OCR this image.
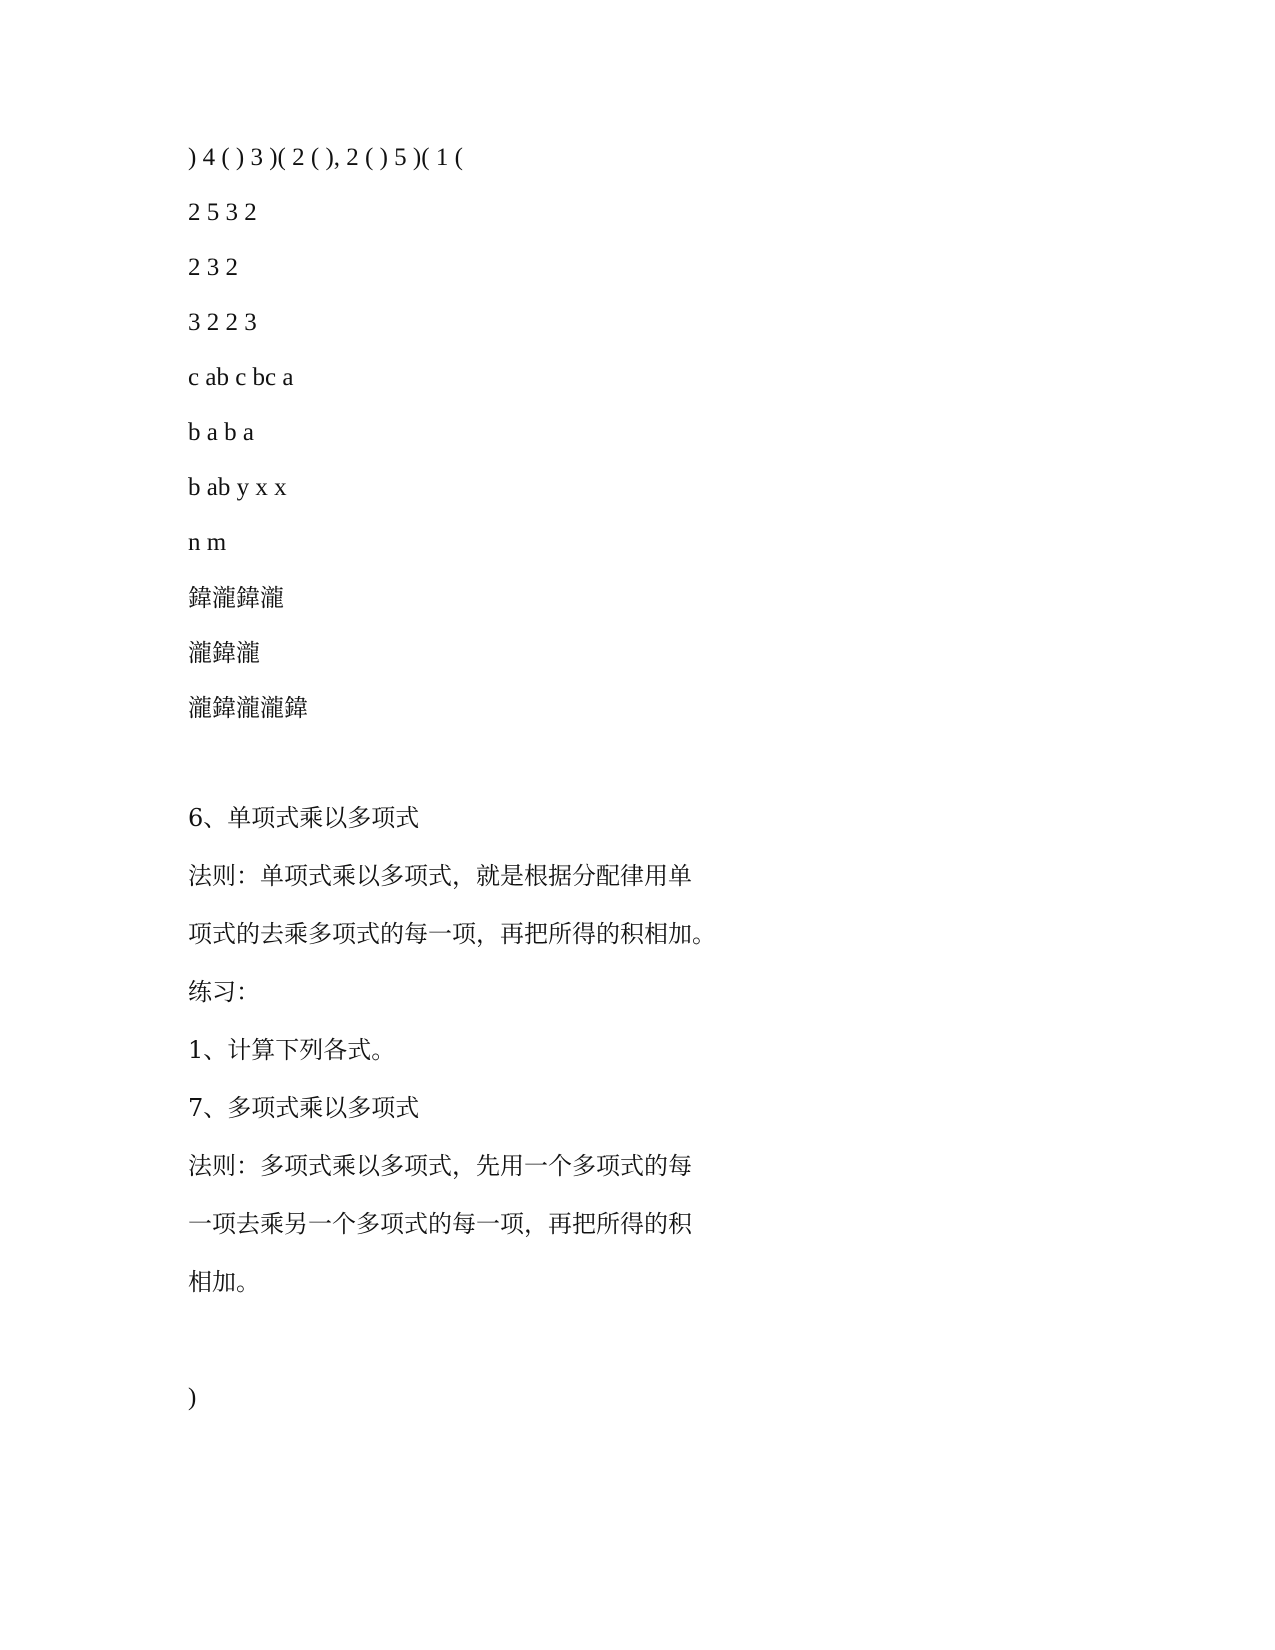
) 4 ( ) 3 )( 2 ( ), 2 ( ) 5 )( 1 (
2 5 3 2
2 3 2
3 2 2 3
c ab c bc a
b a b a
b ab y x x
n m
鍏瀧鍏瀧
瀧鍏瀧
瀧鍏瀧瀧鍏
6、单项式乘以多项式
法则：单项式乘以多项式，就是根据分配律用单
项式的去乘多项式的每一项，再把所得的积相加。
练习：
1、计算下列各式。
7、多项式乘以多项式
法则：多项式乘以多项式，先用一个多项式的每
一项去乘另一个多项式的每一项，再把所得的积
相加。
)
